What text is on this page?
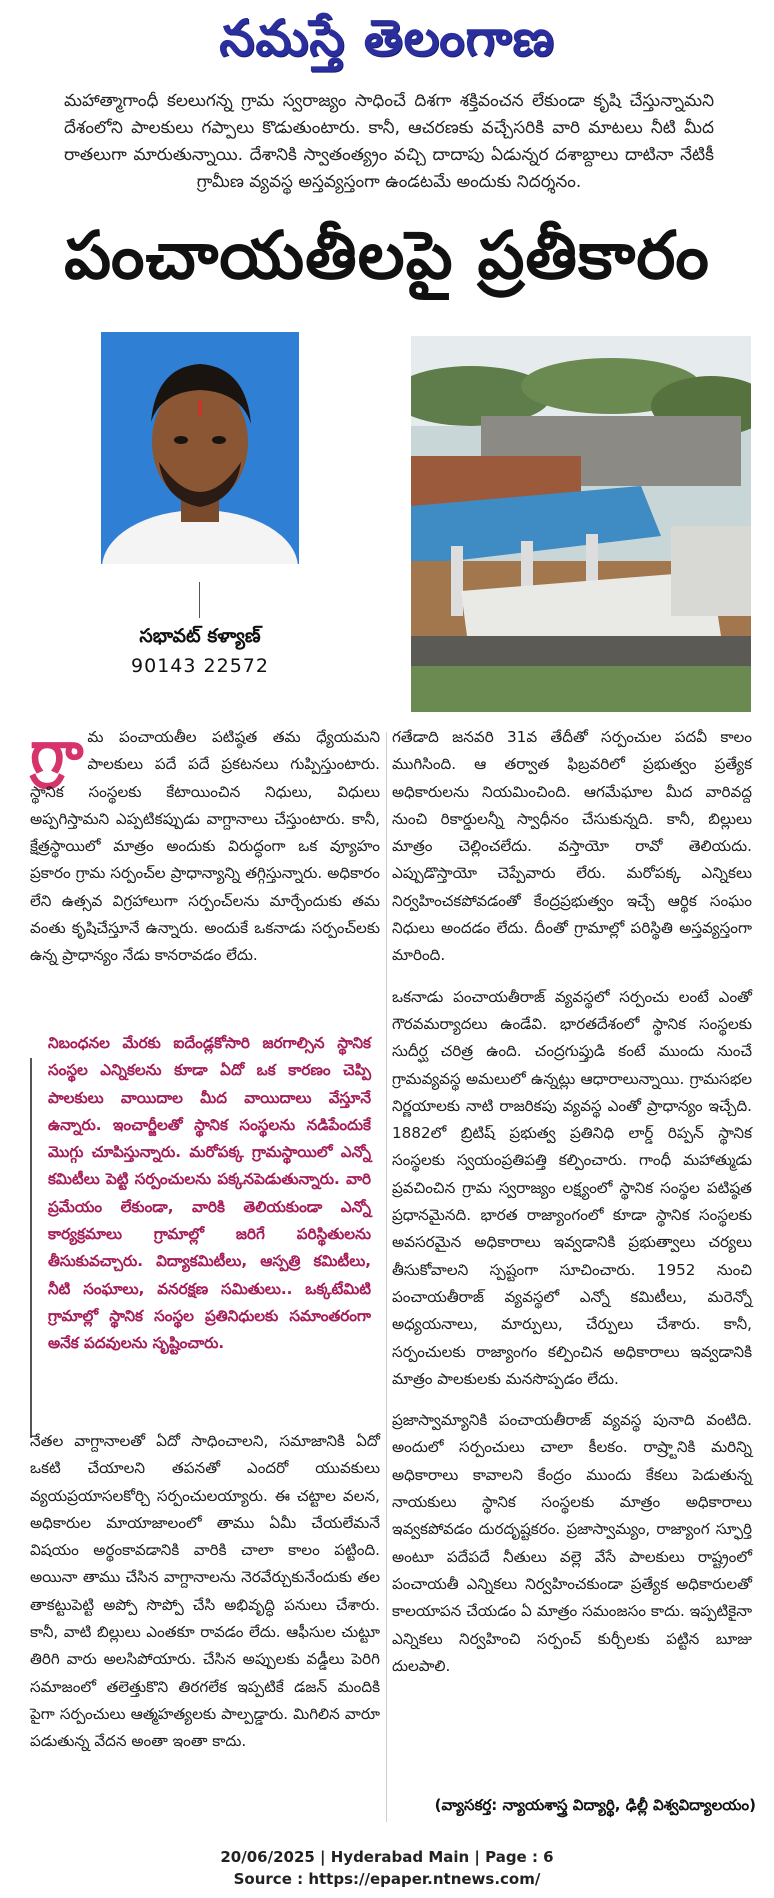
నమస్తే తెలంగాణ
మహాత్మాగాంధీ కలలుగన్న గ్రామ స్వరాజ్యం సాధించే దిశగా శక్తివంచన లేకుండా కృషి చేస్తున్నామని దేశంలోని పాలకులు గప్పాలు కొడుతుంటారు. కానీ, ఆచరణకు వచ్చేసరికి వారి మాటలు నీటి మీద రాతలుగా మారుతున్నాయి. దేశానికి స్వాతంత్య్రం వచ్చి దాదాపు ఏడున్నర దశాబ్దాలు దాటినా నేటికీ గ్రామీణ వ్యవస్థ అస్తవ్యస్తంగా ఉండటమే అందుకు నిదర్శనం.
పంచాయతీలపై ప్రతీకారం
సభావట్ కళ్యాణ్
90143 22572

గ్రా మ పంచాయతీల పటిష్ఠత తమ ధ్యేయమని పాలకులు పదే పదే ప్రకటనలు గుప్పిస్తుంటారు. స్థానిక సంస్థలకు కేటాయించిన నిధులు, విధులు అప్పగిస్తామని ఎప్పటికప్పుడు వాగ్దానాలు చేస్తుంటారు. కానీ, క్షేత్రస్థాయిలో మాత్రం అందుకు విరుద్ధంగా ఒక వ్యూహం ప్రకారం గ్రామ సర్పంచ్‌ల ప్రాధాన్యాన్ని తగ్గిస్తున్నారు. అధికారం లేని ఉత్సవ విగ్రహాలుగా సర్పంచ్‌లను మార్చేందుకు తమ వంతు కృషిచేస్తూనే ఉన్నారు. అందుకే ఒకనాడు సర్పంచ్‌లకు ఉన్న ప్రాధాన్యం నేడు కానరావడం లేదు.

నిబంధనల మేరకు ఐదేండ్లకోసారి జరగాల్సిన స్థానిక సంస్థల ఎన్నికలను కూడా ఏదో ఒక కారణం చెప్పి పాలకులు వాయిదాల మీద వాయిదాలు వేస్తూనే ఉన్నారు. ఇంచార్జీలతో స్థానిక సంస్థలను నడిపేందుకే మొగ్గు చూపిస్తున్నారు. మరోపక్క గ్రామస్థాయిలో ఎన్నో కమిటీలు పెట్టి సర్పంచులను పక్కనపెడుతున్నారు. వారి ప్రమేయం లేకుండా, వారికి తెలియకుండా ఎన్నో కార్యక్రమాలు గ్రామాల్లో జరిగే పరిస్థితులను తీసుకువచ్చారు. విద్యాకమిటీలు, ఆస్పత్రి కమిటీలు, నీటి సంఘాలు, వనరక్షణ సమితులు.. ఒక్కటేమిటి గ్రామాల్లో స్థానిక సంస్థల ప్రతినిధులకు సమాంతరంగా అనేక పదవులను సృష్టించారు.

నేతల వాగ్దానాలతో ఏదో సాధించాలని, సమాజానికి ఏదో ఒకటి చేయాలని తపనతో ఎందరో యువకులు వ్యయప్రయాసలకోర్చి సర్పంచులయ్యారు. ఈ చట్టాల వలన, అధికారుల మాయాజాలంలో తాము ఏమీ చేయలేమనే విషయం అర్థంకావడానికి వారికి చాలా కాలం పట్టింది. అయినా తాము చేసిన వాగ్దానాలను నెరవేర్చుకునేందుకు తల తాకట్టుపెట్టి అప్పో సొప్పో చేసి అభివృద్ధి పనులు చేశారు. కానీ, వాటి బిల్లులు ఎంతకూ రావడం లేదు. ఆఫీసుల చుట్టూ తిరిగి వారు అలసిపోయారు. చేసిన అప్పులకు వడ్డీలు పెరిగి సమాజంలో తలెత్తుకొని తిరగలేక ఇప్పటికే డజన్ మందికి పైగా సర్పంచులు ఆత్మహత్యలకు పాల్పడ్డారు. మిగిలిన వారూ పడుతున్న వేదన అంతా ఇంతా కాదు.

గతేడాది జనవరి 31వ తేదీతో సర్పంచుల పదవీ కాలం ముగిసింది. ఆ తర్వాత ఫిబ్రవరిలో ప్రభుత్వం ప్రత్యేక అధికారులను నియమించింది. ఆగమేఘాల మీద వారివద్ద నుంచి రికార్డులన్నీ స్వాధీనం చేసుకున్నది. కానీ, బిల్లులు మాత్రం చెల్లించలేదు. వస్తాయో రావో తెలియదు. ఎప్పుడొస్తాయో చెప్పేవారు లేరు. మరోపక్క ఎన్నికలు నిర్వహించకపోవడంతో కేంద్రప్రభుత్వం ఇచ్చే ఆర్థిక సంఘం నిధులు అందడం లేదు. దీంతో గ్రామాల్లో పరిస్థితి అస్తవ్యస్తంగా మారింది.

ఒకనాడు పంచాయతీరాజ్ వ్యవస్థలో సర్పంచు లంటే ఎంతో గౌరవమర్యాదలు ఉండేవి. భారతదేశంలో స్థానిక సంస్థలకు సుదీర్ఘ చరిత్ర ఉంది. చంద్రగుప్తుడి కంటే ముందు నుంచే గ్రామవ్యవస్థ అమలులో ఉన్నట్లు ఆధారాలున్నాయి. గ్రామసభల నిర్ణయాలకు నాటి రాజరికపు వ్యవస్థ ఎంతో ప్రాధాన్యం ఇచ్చేది. 1882లో బ్రిటిష్ ప్రభుత్వ ప్రతినిధి లార్డ్ రిప్పన్ స్థానిక సంస్థలకు స్వయంప్రతిపత్తి కల్పించారు. గాంధీ మహాత్ముడు ప్రవచించిన గ్రామ స్వరాజ్యం లక్ష్యంలో స్థానిక సంస్థల పటిష్ఠత ప్రధానమైనది. భారత రాజ్యాంగంలో కూడా స్థానిక సంస్థలకు అవసరమైన అధికారాలు ఇవ్వడానికి ప్రభుత్వాలు చర్యలు తీసుకోవాలని స్పష్టంగా సూచించారు. 1952 నుంచి పంచాయతీరాజ్ వ్యవస్థలో ఎన్నో కమిటీలు, మరెన్నో అధ్యయనాలు, మార్పులు, చేర్పులు చేశారు. కానీ, సర్పంచులకు రాజ్యాంగం కల్పించిన అధికారాలు ఇవ్వడానికి మాత్రం పాలకులకు మనసొప్పడం లేదు.

ప్రజాస్వామ్యానికి పంచాయతీరాజ్ వ్యవస్థ పునాది వంటిది. అందులో సర్పంచులు చాలా కీలకం. రాష్ర్టానికి మరిన్ని అధికారాలు కావాలని కేంద్రం ముందు కేకలు పెడుతున్న నాయకులు స్థానిక సంస్థలకు మాత్రం అధికారాలు ఇవ్వకపోవడం దురదృష్టకరం. ప్రజాస్వామ్యం, రాజ్యాంగ స్ఫూర్తి అంటూ పదేపదే నీతులు వల్లె వేసే పాలకులు రాష్ట్రంలో పంచాయతీ ఎన్నికలు నిర్వహించకుండా ప్రత్యేక అధికారులతో కాలయాపన చేయడం ఏ మాత్రం సమంజసం కాదు. ఇప్పటికైనా ఎన్నికలు నిర్వహించి సర్పంచ్ కుర్చీలకు పట్టిన బూజు దులపాలి.

(వ్యాసకర్త: న్యాయశాస్త్ర విద్యార్థి, ఢిల్లీ విశ్వవిద్యాలయం)
20/06/2025 | Hyderabad Main | Page : 6
Source : https://epaper.ntnews.com/
